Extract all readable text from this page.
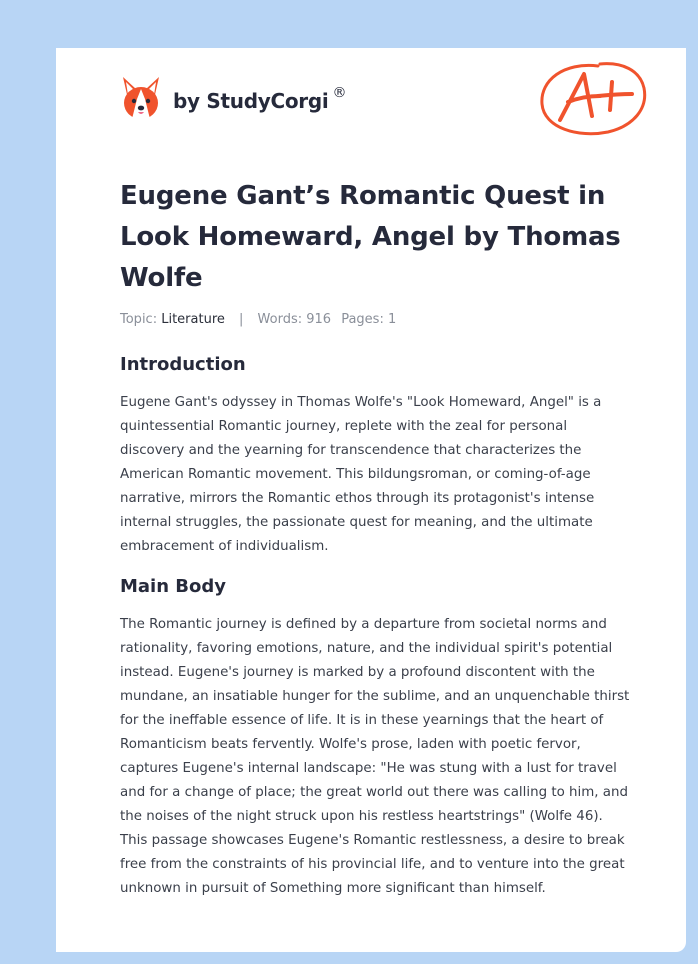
by StudyCorgi ®
Eugene Gant’s Romantic Quest in Look Homeward, Angel by Thomas Wolfe
Topic: Literature | Words: 916 Pages: 1
Introduction

Eugene Gant's odyssey in Thomas Wolfe's "Look Homeward, Angel" is a quintessential Romantic journey, replete with the zeal for personal discovery and the yearning for transcendence that characterizes the American Romantic movement. This bildungsroman, or coming-of-age narrative, mirrors the Romantic ethos through its protagonist's intense internal struggles, the passionate quest for meaning, and the ultimate embracement of individualism.

Main Body

The Romantic journey is defined by a departure from societal norms and rationality, favoring emotions, nature, and the individual spirit's potential instead. Eugene's journey is marked by a profound discontent with the mundane, an insatiable hunger for the sublime, and an unquenchable thirst for the ineffable essence of life. It is in these yearnings that the heart of Romanticism beats fervently. Wolfe's prose, laden with poetic fervor, captures Eugene's internal landscape: "He was stung with a lust for travel and for a change of place; the great world out there was calling to him, and the noises of the night struck upon his restless heartstrings" (Wolfe 46). This passage showcases Eugene's Romantic restlessness, a desire to break free from the constraints of his provincial life, and to venture into the great unknown in pursuit of Something more significant than himself.
